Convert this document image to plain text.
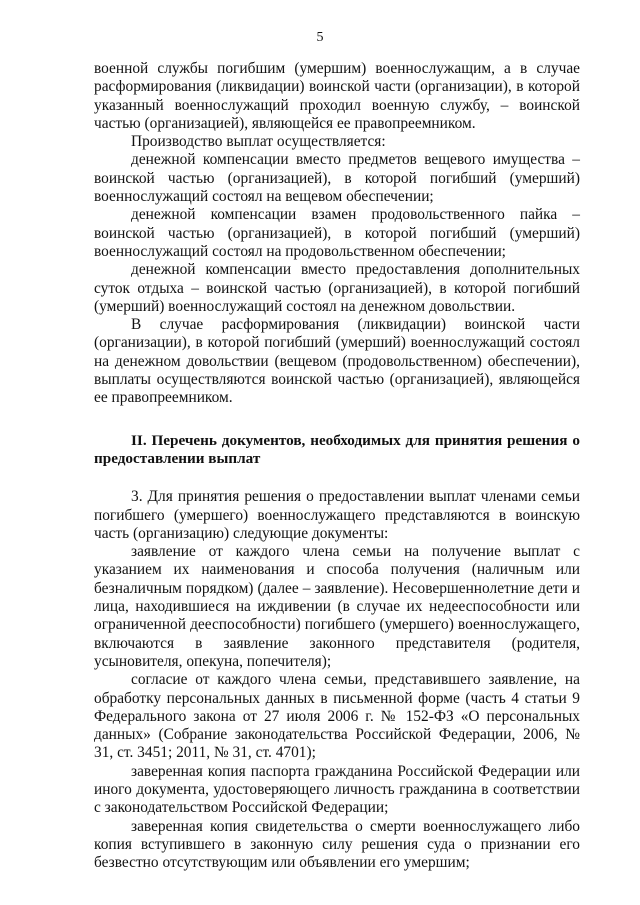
5

военной службы погибшим (умершим) военнослужащим, а в случае расформирования (ликвидации) воинской части (организации), в которой указанный военнослужащий проходил военную службу, – воинской частью (организацией), являющейся ее правопреемником.

Производство выплат осуществляется:

денежной компенсации вместо предметов вещевого имущества – воинской частью (организацией), в которой погибший (умерший) военнослужащий состоял на вещевом обеспечении;

денежной компенсации взамен продовольственного пайка – воинской частью (организацией), в которой погибший (умерший) военнослужащий состоял на продовольственном обеспечении;

денежной компенсации вместо предоставления дополнительных суток отдыха – воинской частью (организацией), в которой погибший (умерший) военнослужащий состоял на денежном довольствии.

В случае расформирования (ликвидации) воинской части (организации), в которой погибший (умерший) военнослужащий состоял на денежном довольствии (вещевом (продовольственном) обеспечении), выплаты осуществляются воинской частью (организацией), являющейся ее правопреемником.

II. Перечень документов, необходимых для принятия решения о предоставлении выплат

3. Для принятия решения о предоставлении выплат членами семьи погибшего (умершего) военнослужащего представляются в воинскую часть (организацию) следующие документы:

заявление от каждого члена семьи на получение выплат с указанием их наименования и способа получения (наличным или безналичным порядком) (далее – заявление). Несовершеннолетние дети и лица, находившиеся на иждивении (в случае их недееспособности или ограниченной дееспособности) погибшего (умершего) военнослужащего, включаются в заявление законного представителя (родителя, усыновителя, опекуна, попечителя);

согласие от каждого члена семьи, представившего заявление, на обработку персональных данных в письменной форме (часть 4 статьи 9 Федерального закона от 27 июля 2006 г. № 152-ФЗ «О персональных данных» (Собрание законодательства Российской Федерации, 2006, № 31, ст. 3451; 2011, № 31, ст. 4701);

заверенная копия паспорта гражданина Российской Федерации или иного документа, удостоверяющего личность гражданина в соответствии с законодательством Российской Федерации;

заверенная копия свидетельства о смерти военнослужащего либо копия вступившего в законную силу решения суда о признании его безвестно отсутствующим или объявлении его умершим;
